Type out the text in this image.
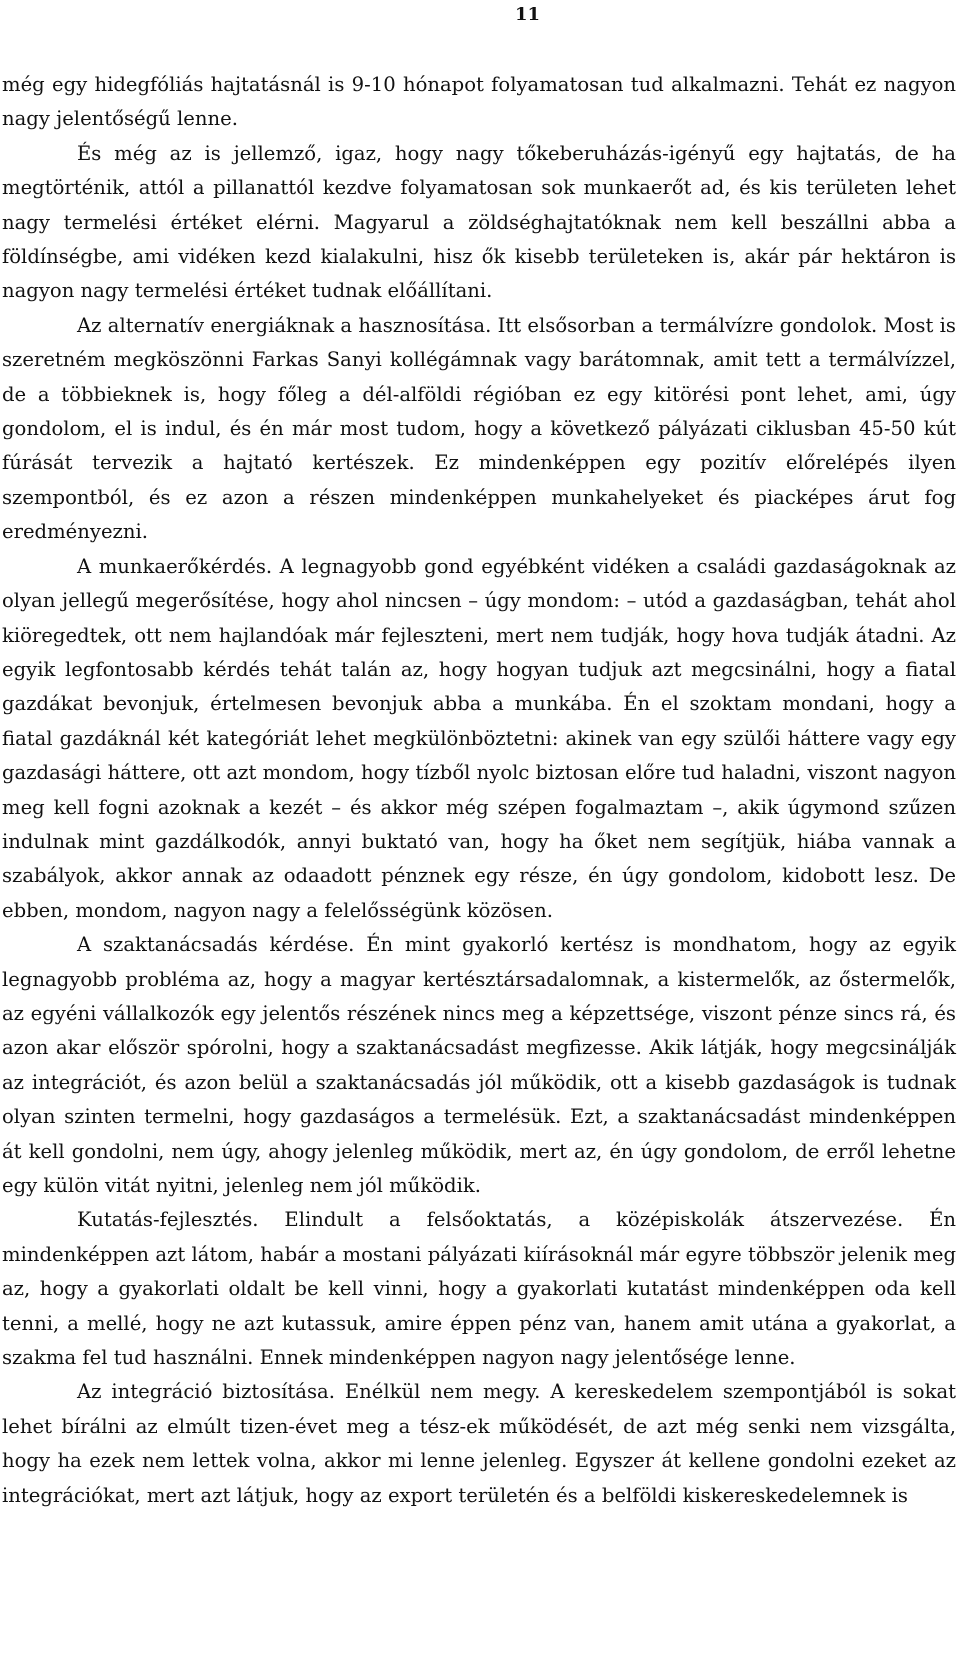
11

még egy hidegfóliás hajtatásnál is 9-10 hónapot folyamatosan tud alkalmazni. Tehát ez nagyon nagy jelentőségű lenne.

És még az is jellemző, igaz, hogy nagy tőkeberuházás-igényű egy hajtatás, de ha megtörténik, attól a pillanattól kezdve folyamatosan sok munkaerőt ad, és kis területen lehet nagy termelési értéket elérni. Magyarul a zöldséghajtatóknak nem kell beszállni abba a földínségbe, ami vidéken kezd kialakulni, hisz ők kisebb területeken is, akár pár hektáron is nagyon nagy termelési értéket tudnak előállítani.

Az alternatív energiáknak a hasznosítása. Itt elsősorban a termálvízre gondolok. Most is szeretném megköszönni Farkas Sanyi kollégámnak vagy barátomnak, amit tett a termálvízzel, de a többieknek is, hogy főleg a dél-alföldi régióban ez egy kitörési pont lehet, ami, úgy gondolom, el is indul, és én már most tudom, hogy a következő pályázati ciklusban 45-50 kút fúrását tervezik a hajtató kertészek. Ez mindenképpen egy pozitív előrelépés ilyen szempontból, és ez azon a részen mindenképpen munkahelyeket és piacképes árut fog eredményezni.

A munkaerőkérdés. A legnagyobb gond egyébként vidéken a családi gazdaságoknak az olyan jellegű megerősítése, hogy ahol nincsen – úgy mondom: – utód a gazdaságban, tehát ahol kiöregedtek, ott nem hajlandóak már fejleszteni, mert nem tudják, hogy hova tudják átadni. Az egyik legfontosabb kérdés tehát talán az, hogy hogyan tudjuk azt megcsinálni, hogy a fiatal gazdákat bevonjuk, értelmesen bevonjuk abba a munkába. Én el szoktam mondani, hogy a fiatal gazdáknál két kategóriát lehet megkülönböztetni: akinek van egy szülői háttere vagy egy gazdasági háttere, ott azt mondom, hogy tízből nyolc biztosan előre tud haladni, viszont nagyon meg kell fogni azoknak a kezét – és akkor még szépen fogalmaztam –, akik úgymond szűzen indulnak mint gazdálkodók, annyi buktató van, hogy ha őket nem segítjük, hiába vannak a szabályok, akkor annak az odaadott pénznek egy része, én úgy gondolom, kidobott lesz. De ebben, mondom, nagyon nagy a felelősségünk közösen.

A szaktanácsadás kérdése. Én mint gyakorló kertész is mondhatom, hogy az egyik legnagyobb probléma az, hogy a magyar kertésztársadalomnak, a kistermelők, az őstermelők, az egyéni vállalkozók egy jelentős részének nincs meg a képzettsége, viszont pénze sincs rá, és azon akar először spórolni, hogy a szaktanácsadást megfizesse. Akik látják, hogy megcsinálják az integrációt, és azon belül a szaktanácsadás jól működik, ott a kisebb gazdaságok is tudnak olyan szinten termelni, hogy gazdaságos a termelésük. Ezt, a szaktanácsadást mindenképpen át kell gondolni, nem úgy, ahogy jelenleg működik, mert az, én úgy gondolom, de erről lehetne egy külön vitát nyitni, jelenleg nem jól működik.

Kutatás-fejlesztés. Elindult a felsőoktatás, a középiskolák átszervezése. Én mindenképpen azt látom, habár a mostani pályázati kiírásoknál már egyre többször jelenik meg az, hogy a gyakorlati oldalt be kell vinni, hogy a gyakorlati kutatást mindenképpen oda kell tenni, a mellé, hogy ne azt kutassuk, amire éppen pénz van, hanem amit utána a gyakorlat, a szakma fel tud használni. Ennek mindenképpen nagyon nagy jelentősége lenne.

Az integráció biztosítása. Enélkül nem megy. A kereskedelem szempontjából is sokat lehet bírálni az elmúlt tizen-évet meg a tész-ek működését, de azt még senki nem vizsgálta, hogy ha ezek nem lettek volna, akkor mi lenne jelenleg. Egyszer át kellene gondolni ezeket az integrációkat, mert azt látjuk, hogy az export területén és a belföldi kiskereskedelemnek is
